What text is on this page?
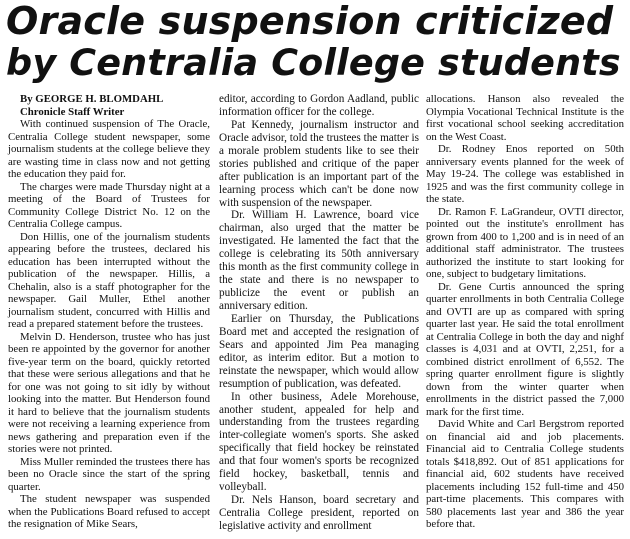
Oracle suspension criticized
by Centralia College students

By GEORGE H. BLOMDAHL

Chronicle Staff Writer

With continued suspension of The Oracle, Centralia College student newspaper, some journalism students at the college believe they are wasting time in class now and not getting the education they paid for.

The charges were made Thursday night at a meeting of the Board of Trustees for Community College District No. 12 on the Centralia College campus.

Don Hillis, one of the journalism students appearing before the trustees, declared his education has been interrupted without the publication of the newspaper. Hillis, a Chehalin, also is a staff photographer for the newspaper. Gail Muller, Ethel another journalism student, concurred with Hillis and read a prepared statement before the trustees.

Melvin D. Henderson, trustee who has just been re appointed by the governor for another five-year term on the board, quickly retorted that these were serious allegations and that he for one was not going to sit idly by without looking into the matter. But Henderson found it hard to believe that the journalism students were not receiving a learning experience from news gathering and preparation even if the stories were not printed.

Miss Muller reminded the trustees there has been no Oracle since the start of the spring quarter.

The student newspaper was suspended when the Publications Board refused to accept the resignation of Mike Sears,

editor, according to Gordon Aadland, public information officer for the college.

Pat Kennedy, journalism instructor and Oracle advisor, told the trustees the matter is a morale problem students like to see their stories published and critique of the paper after publication is an important part of the learning process which can't be done now with suspension of the newspaper.

Dr. William H. Lawrence, board vice chairman, also urged that the matter be investigated. He lamented the fact that the college is celebrating its 50th anniversary this month as the first community college in the state and there is no newspaper to publicize the event or publish an anniversary edition.

Earlier on Thursday, the Publications Board met and accepted the resignation of Sears and appointed Jim Pea managing editor, as interim editor. But a motion to reinstate the newspaper, which would allow resumption of publication, was defeated.

In other business, Adele Morehouse, another student, appealed for help and understanding from the trustees regarding inter-collegiate women's sports. She asked specifically that field hockey be reinstated and that four women's sports be recognized field hockey, basketball, tennis and volleyball.

Dr. Nels Hanson, board secretary and Centralia College president, reported on legislative activity and enrollment

allocations. Hanson also revealed the Olympia Vocational Technical Institute is the first vocational school seeking accreditation on the West Coast.

Dr. Rodney Enos reported on 50th anniversary events planned for the week of May 19-24. The college was established in 1925 and was the first community college in the state.

Dr. Ramon F. LaGrandeur, OVTI director, pointed out the institute's enrollment has grown from 400 to 1,200 and is in need of an additional staff administrator. The trustees authorized the institute to start looking for one, subject to budgetary limitations.

Dr. Gene Curtis announced the spring quarter enrollments in both Centralia College and OVTI are up as compared with spring quarter last year. He said the total enrollment at Centralia College in both the day and nighf classes is 4,031 and at OVTI, 2,251, for a combined district enrollment of 6,552. The spring quarter enrollment figure is slightly down from the winter quarter when enrollments in the district passed the 7,000 mark for the first time.

David White and Carl Bergstrom reported on financial aid and job placements. Financial aid to Centralia College students totals $418,892. Out of 851 applications for financial aid, 602 students have received placements including 152 full-time and 450 part-time placements. This compares with 580 placements last year and 386 the year before that.
